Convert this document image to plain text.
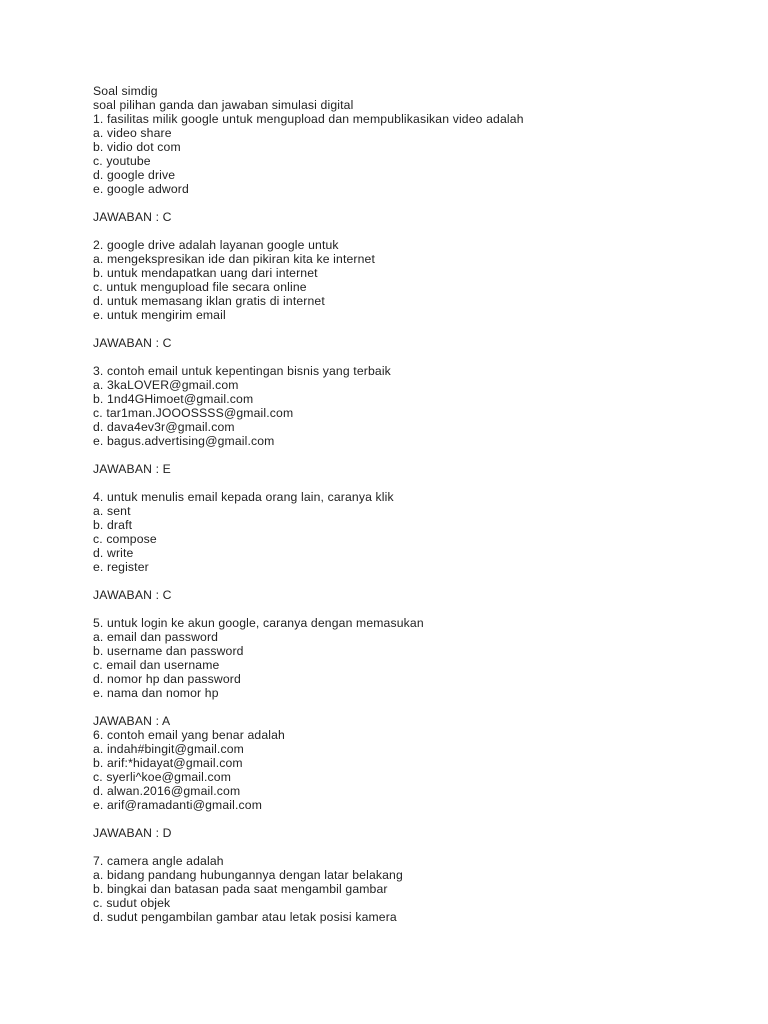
Soal simdig
soal pilihan ganda dan jawaban simulasi digital
1. fasilitas milik google untuk mengupload dan mempublikasikan video adalah
a. video share
b. vidio dot com
c. youtube
d. google drive
e. google adword
JAWABAN : C
2. google drive adalah layanan google untuk
a. mengekspresikan ide dan pikiran kita ke internet
b. untuk mendapatkan uang dari internet
c. untuk mengupload file secara online
d. untuk memasang iklan gratis di internet
e. untuk mengirim email
JAWABAN : C
3. contoh email untuk kepentingan bisnis yang terbaik
a. 3kaLOVER@gmail.com
b. 1nd4GHimoet@gmail.com
c. tar1man.JOOOSSSS@gmail.com
d. dava4ev3r@gmail.com
e. bagus.advertising@gmail.com
JAWABAN : E
4. untuk menulis email kepada orang lain, caranya klik
a. sent
b. draft
c. compose
d. write
e. register
JAWABAN : C
5. untuk login ke akun google, caranya dengan memasukan
a. email dan password
b. username dan password
c. email dan username
d. nomor hp dan password
e. nama dan nomor hp
JAWABAN : A
6. contoh email yang benar adalah
a. indah#bingit@gmail.com
b. arif:*hidayat@gmail.com
c. syerli^koe@gmail.com
d. alwan.2016@gmail.com
e. arif@ramadanti@gmail.com
JAWABAN : D
7. camera angle adalah
a. bidang pandang hubungannya dengan latar belakang
b. bingkai dan batasan pada saat mengambil gambar
c. sudut objek
d. sudut pengambilan gambar atau letak posisi kamera
